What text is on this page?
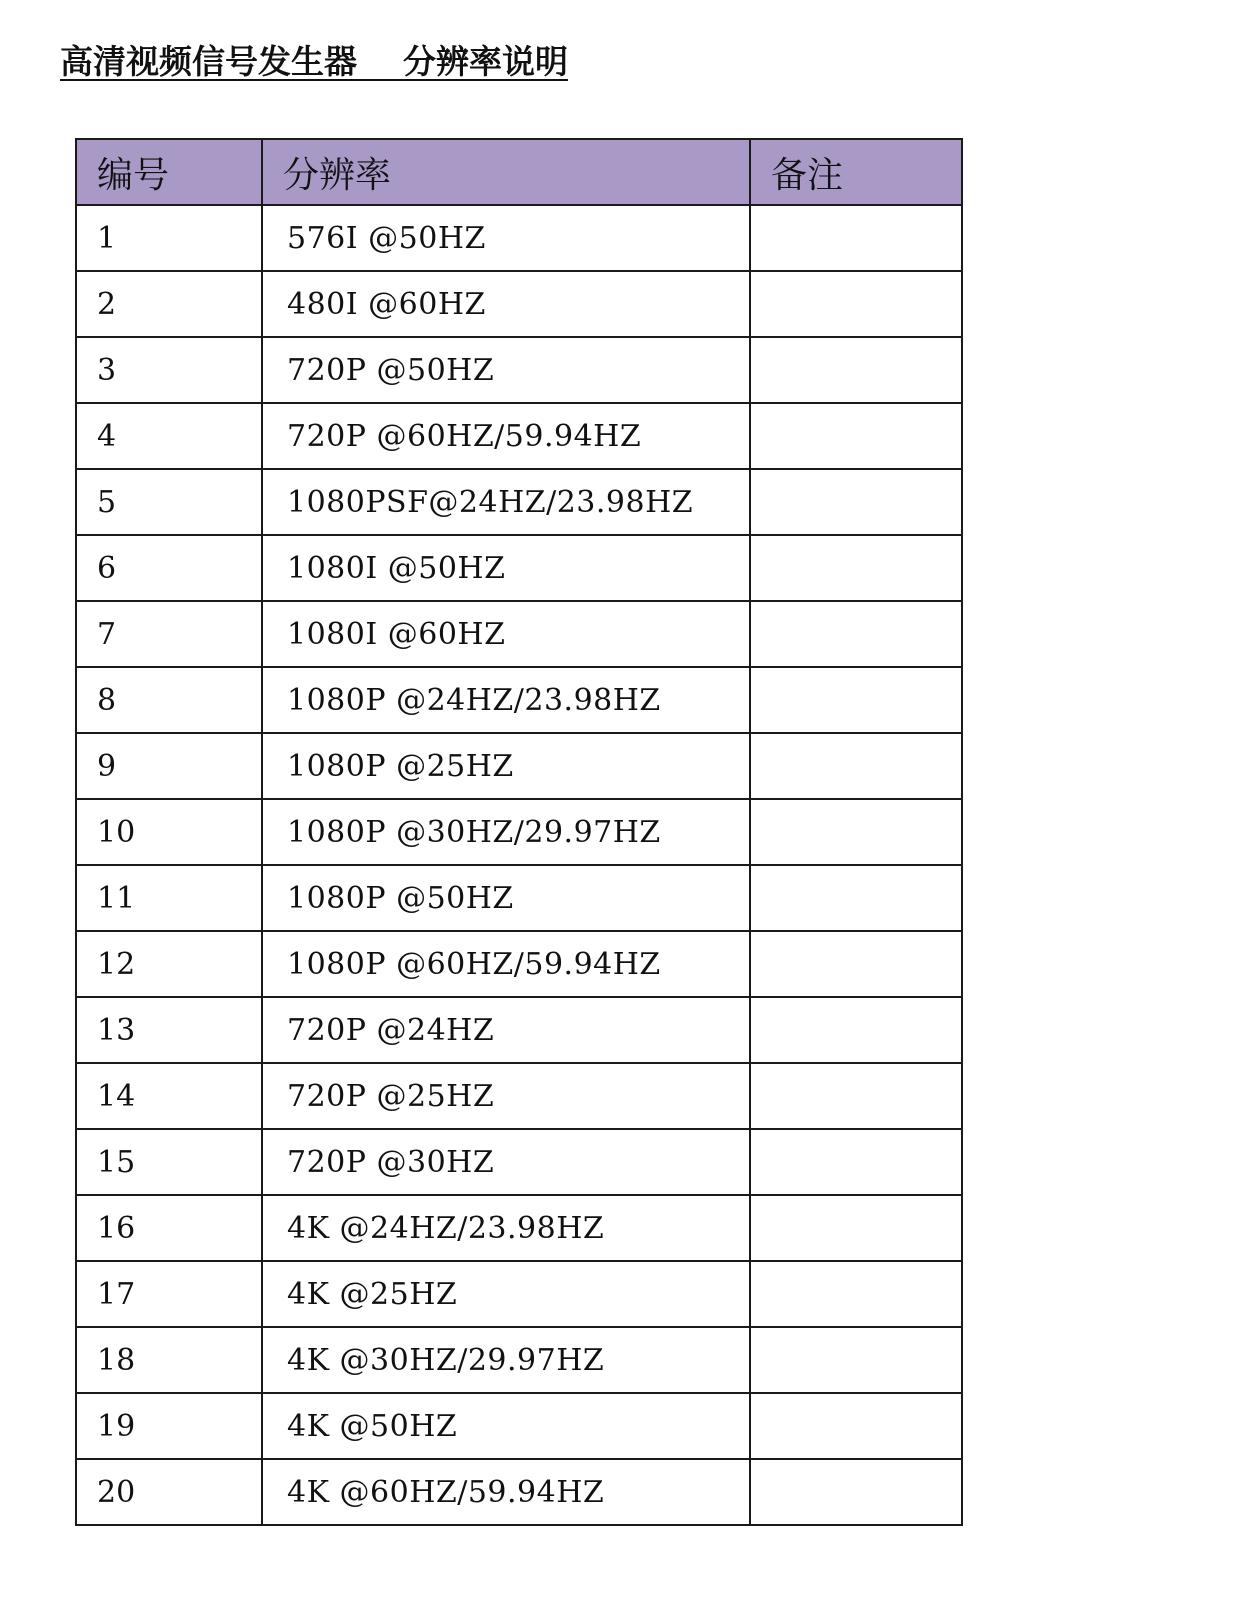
高清视频信号发生器    分辨率说明
编号	分辨率	备注
1	576I @50HZ	
2	480I @60HZ	
3	720P @50HZ	
4	720P @60HZ/59.94HZ	
5	1080PSF@24HZ/23.98HZ	
6	1080I @50HZ	
7	1080I @60HZ	
8	1080P @24HZ/23.98HZ	
9	1080P @25HZ	
10	1080P @30HZ/29.97HZ	
11	1080P @50HZ	
12	1080P @60HZ/59.94HZ	
13	720P @24HZ	
14	720P @25HZ	
15	720P @30HZ	
16	4K @24HZ/23.98HZ	
17	4K @25HZ	
18	4K @30HZ/29.97HZ	
19	4K @50HZ	
20	4K @60HZ/59.94HZ	
